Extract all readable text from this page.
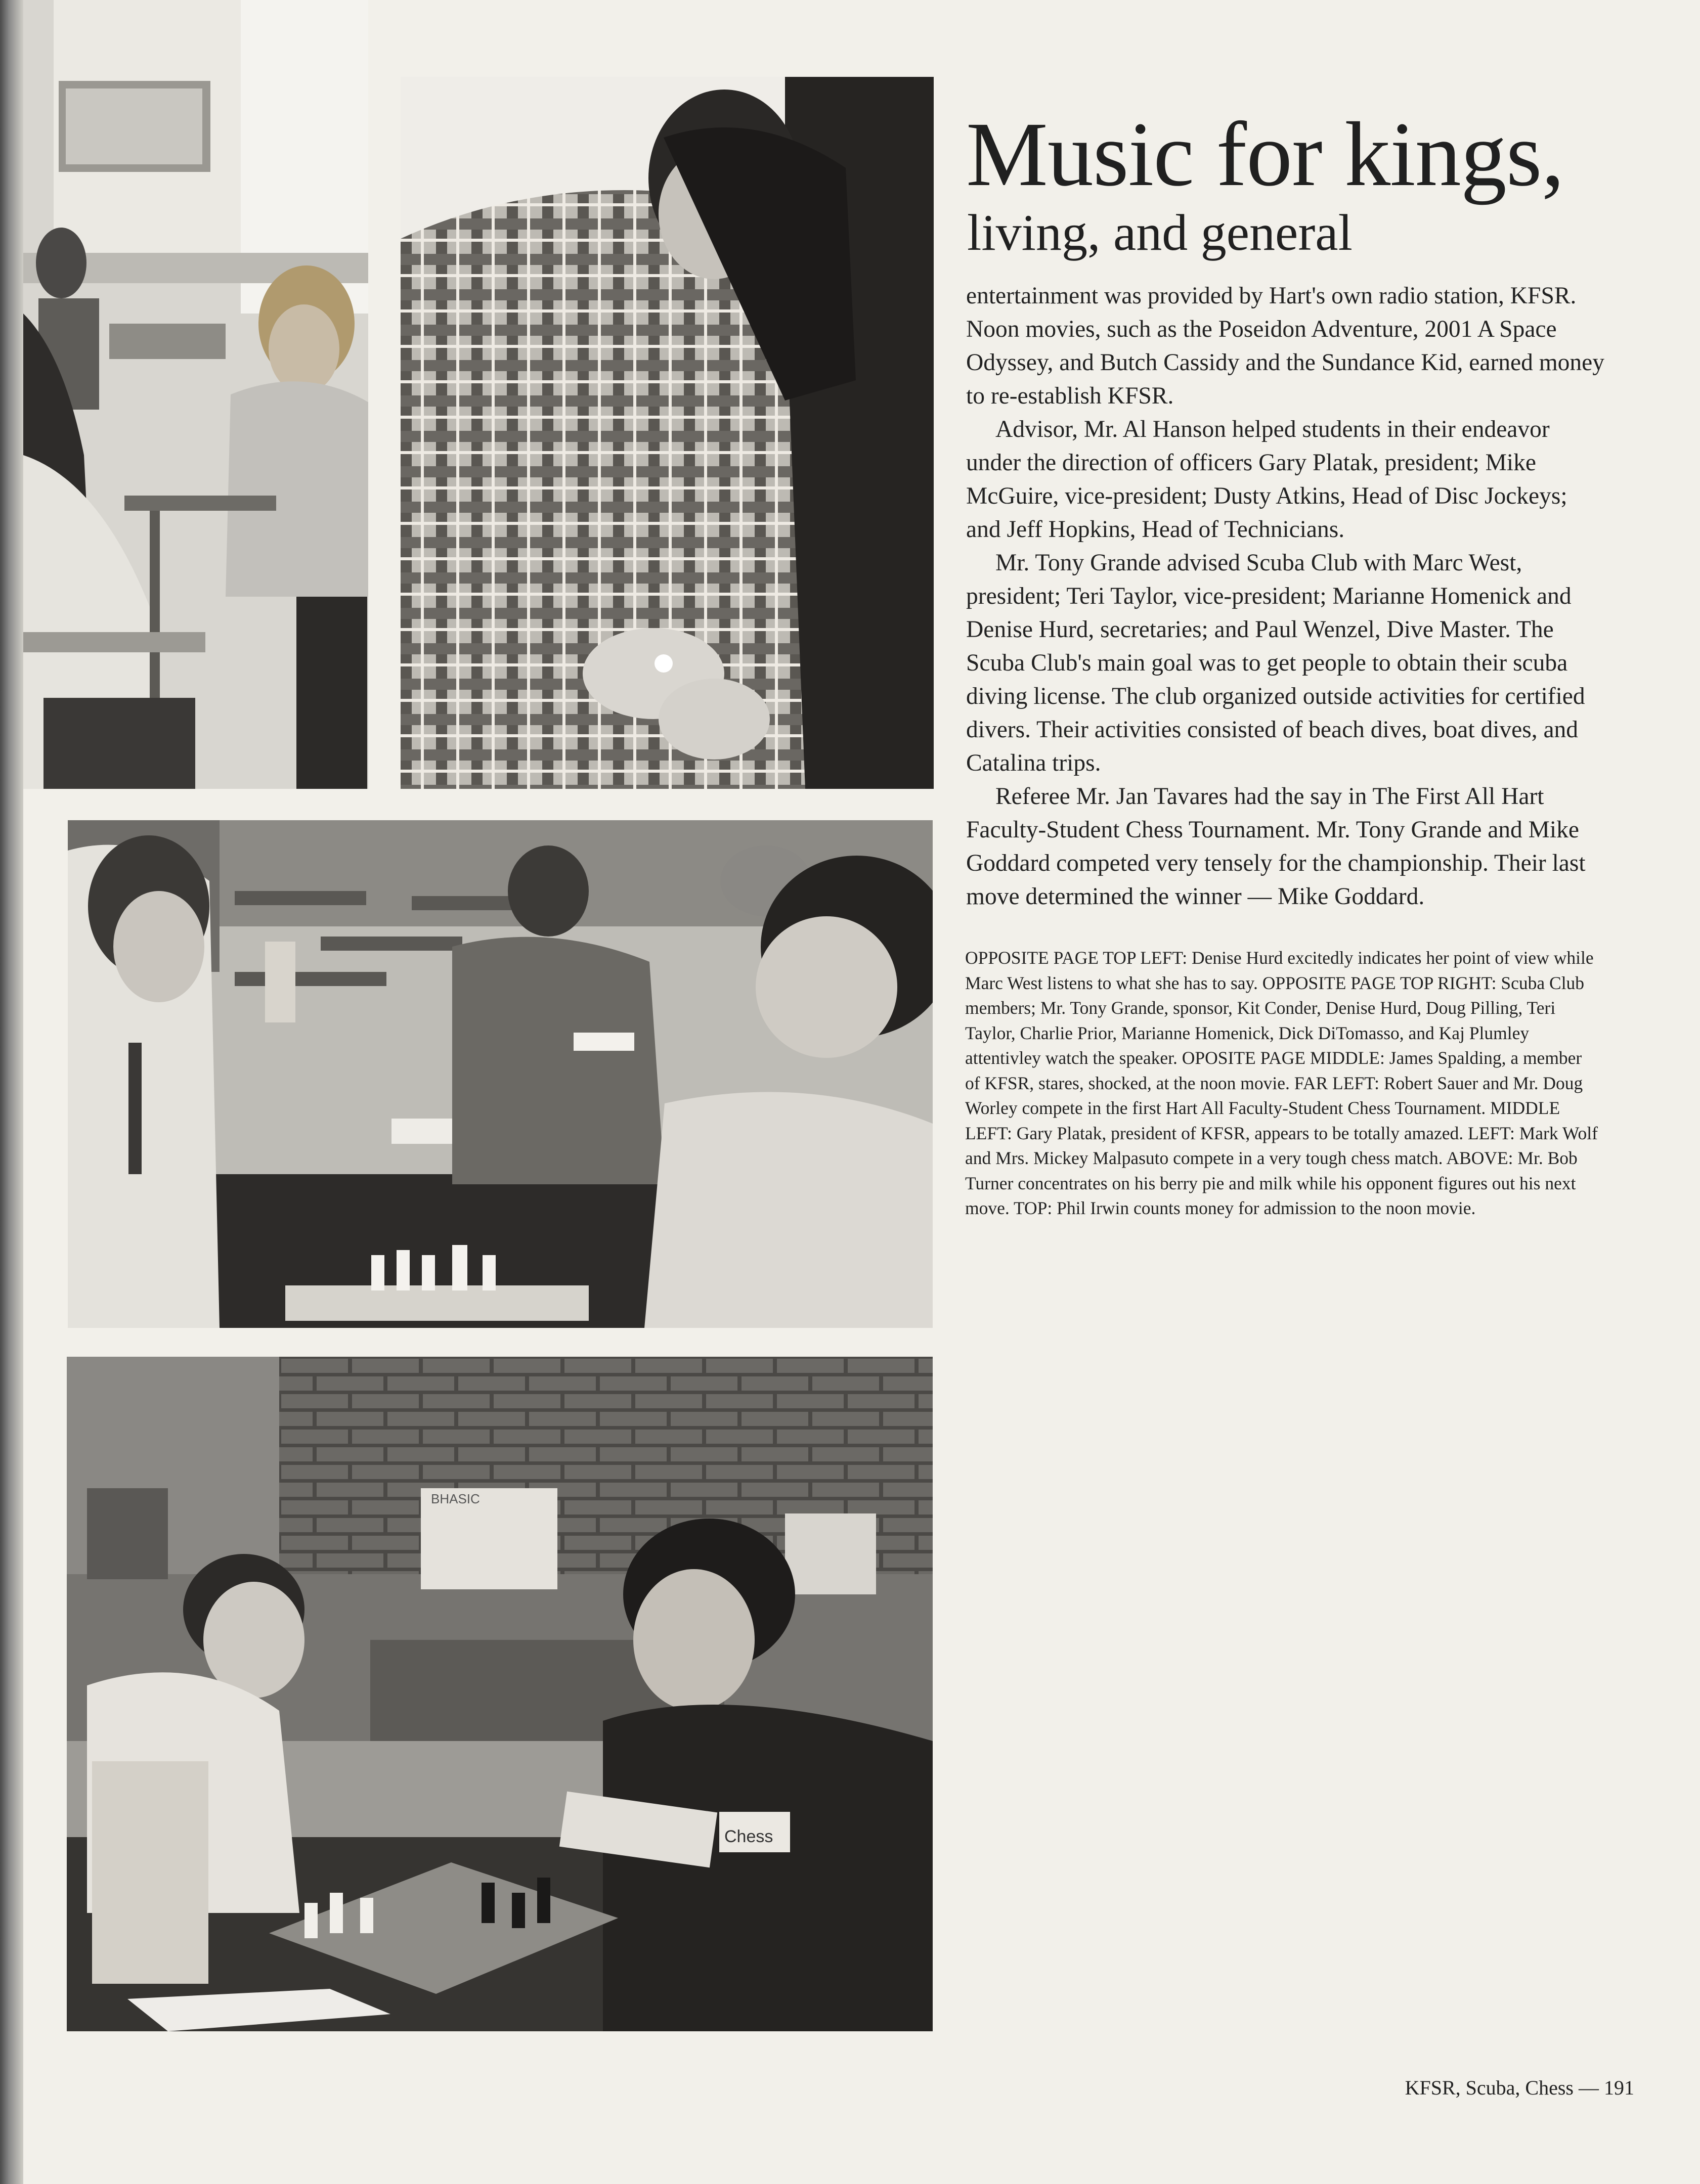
Chess
BHASIC
Music for kings,
living, and general

entertainment was provided by Hart's own radio station, KFSR. Noon movies, such as the Poseidon Adventure, 2001 A Space Odyssey, and Butch Cassidy and the Sundance Kid, earned money to re-establish KFSR.

Advisor, Mr. Al Hanson helped students in their endeavor under the direction of officers Gary Platak, president; Mike McGuire, vice-president; Dusty Atkins, Head of Disc Jockeys; and Jeff Hopkins, Head of Technicians.

Mr. Tony Grande advised Scuba Club with Marc West, president; Teri Taylor, vice-president; Marianne Homenick and Denise Hurd, secretaries; and Paul Wenzel, Dive Master. The Scuba Club's main goal was to get people to obtain their scuba diving license. The club organized outside activities for certified divers. Their activities consisted of beach dives, boat dives, and Catalina trips.

Referee Mr. Jan Tavares had the say in The First All Hart Faculty-Student Chess Tournament. Mr. Tony Grande and Mike Goddard competed very tensely for the championship. Their last move determined the winner — Mike Goddard.

OPPOSITE PAGE TOP LEFT: Denise Hurd excitedly indicates her point of view while Marc West listens to what she has to say. OPPOSITE PAGE TOP RIGHT: Scuba Club members; Mr. Tony Grande, sponsor, Kit Conder, Denise Hurd, Doug Pilling, Teri Taylor, Charlie Prior, Marianne Homenick, Dick DiTomasso, and Kaj Plumley attentivley watch the speaker. OPOSITE PAGE MIDDLE: James Spalding, a member of KFSR, stares, shocked, at the noon movie. FAR LEFT: Robert Sauer and Mr. Doug Worley compete in the first Hart All Faculty-Student Chess Tournament. MIDDLE LEFT: Gary Platak, president of KFSR, appears to be totally amazed. LEFT: Mark Wolf and Mrs. Mickey Malpasuto compete in a very tough chess match. ABOVE: Mr. Bob Turner concentrates on his berry pie and milk while his opponent figures out his next move. TOP: Phil Irwin counts money for admission to the noon movie.

KFSR, Scuba, Chess — 191
